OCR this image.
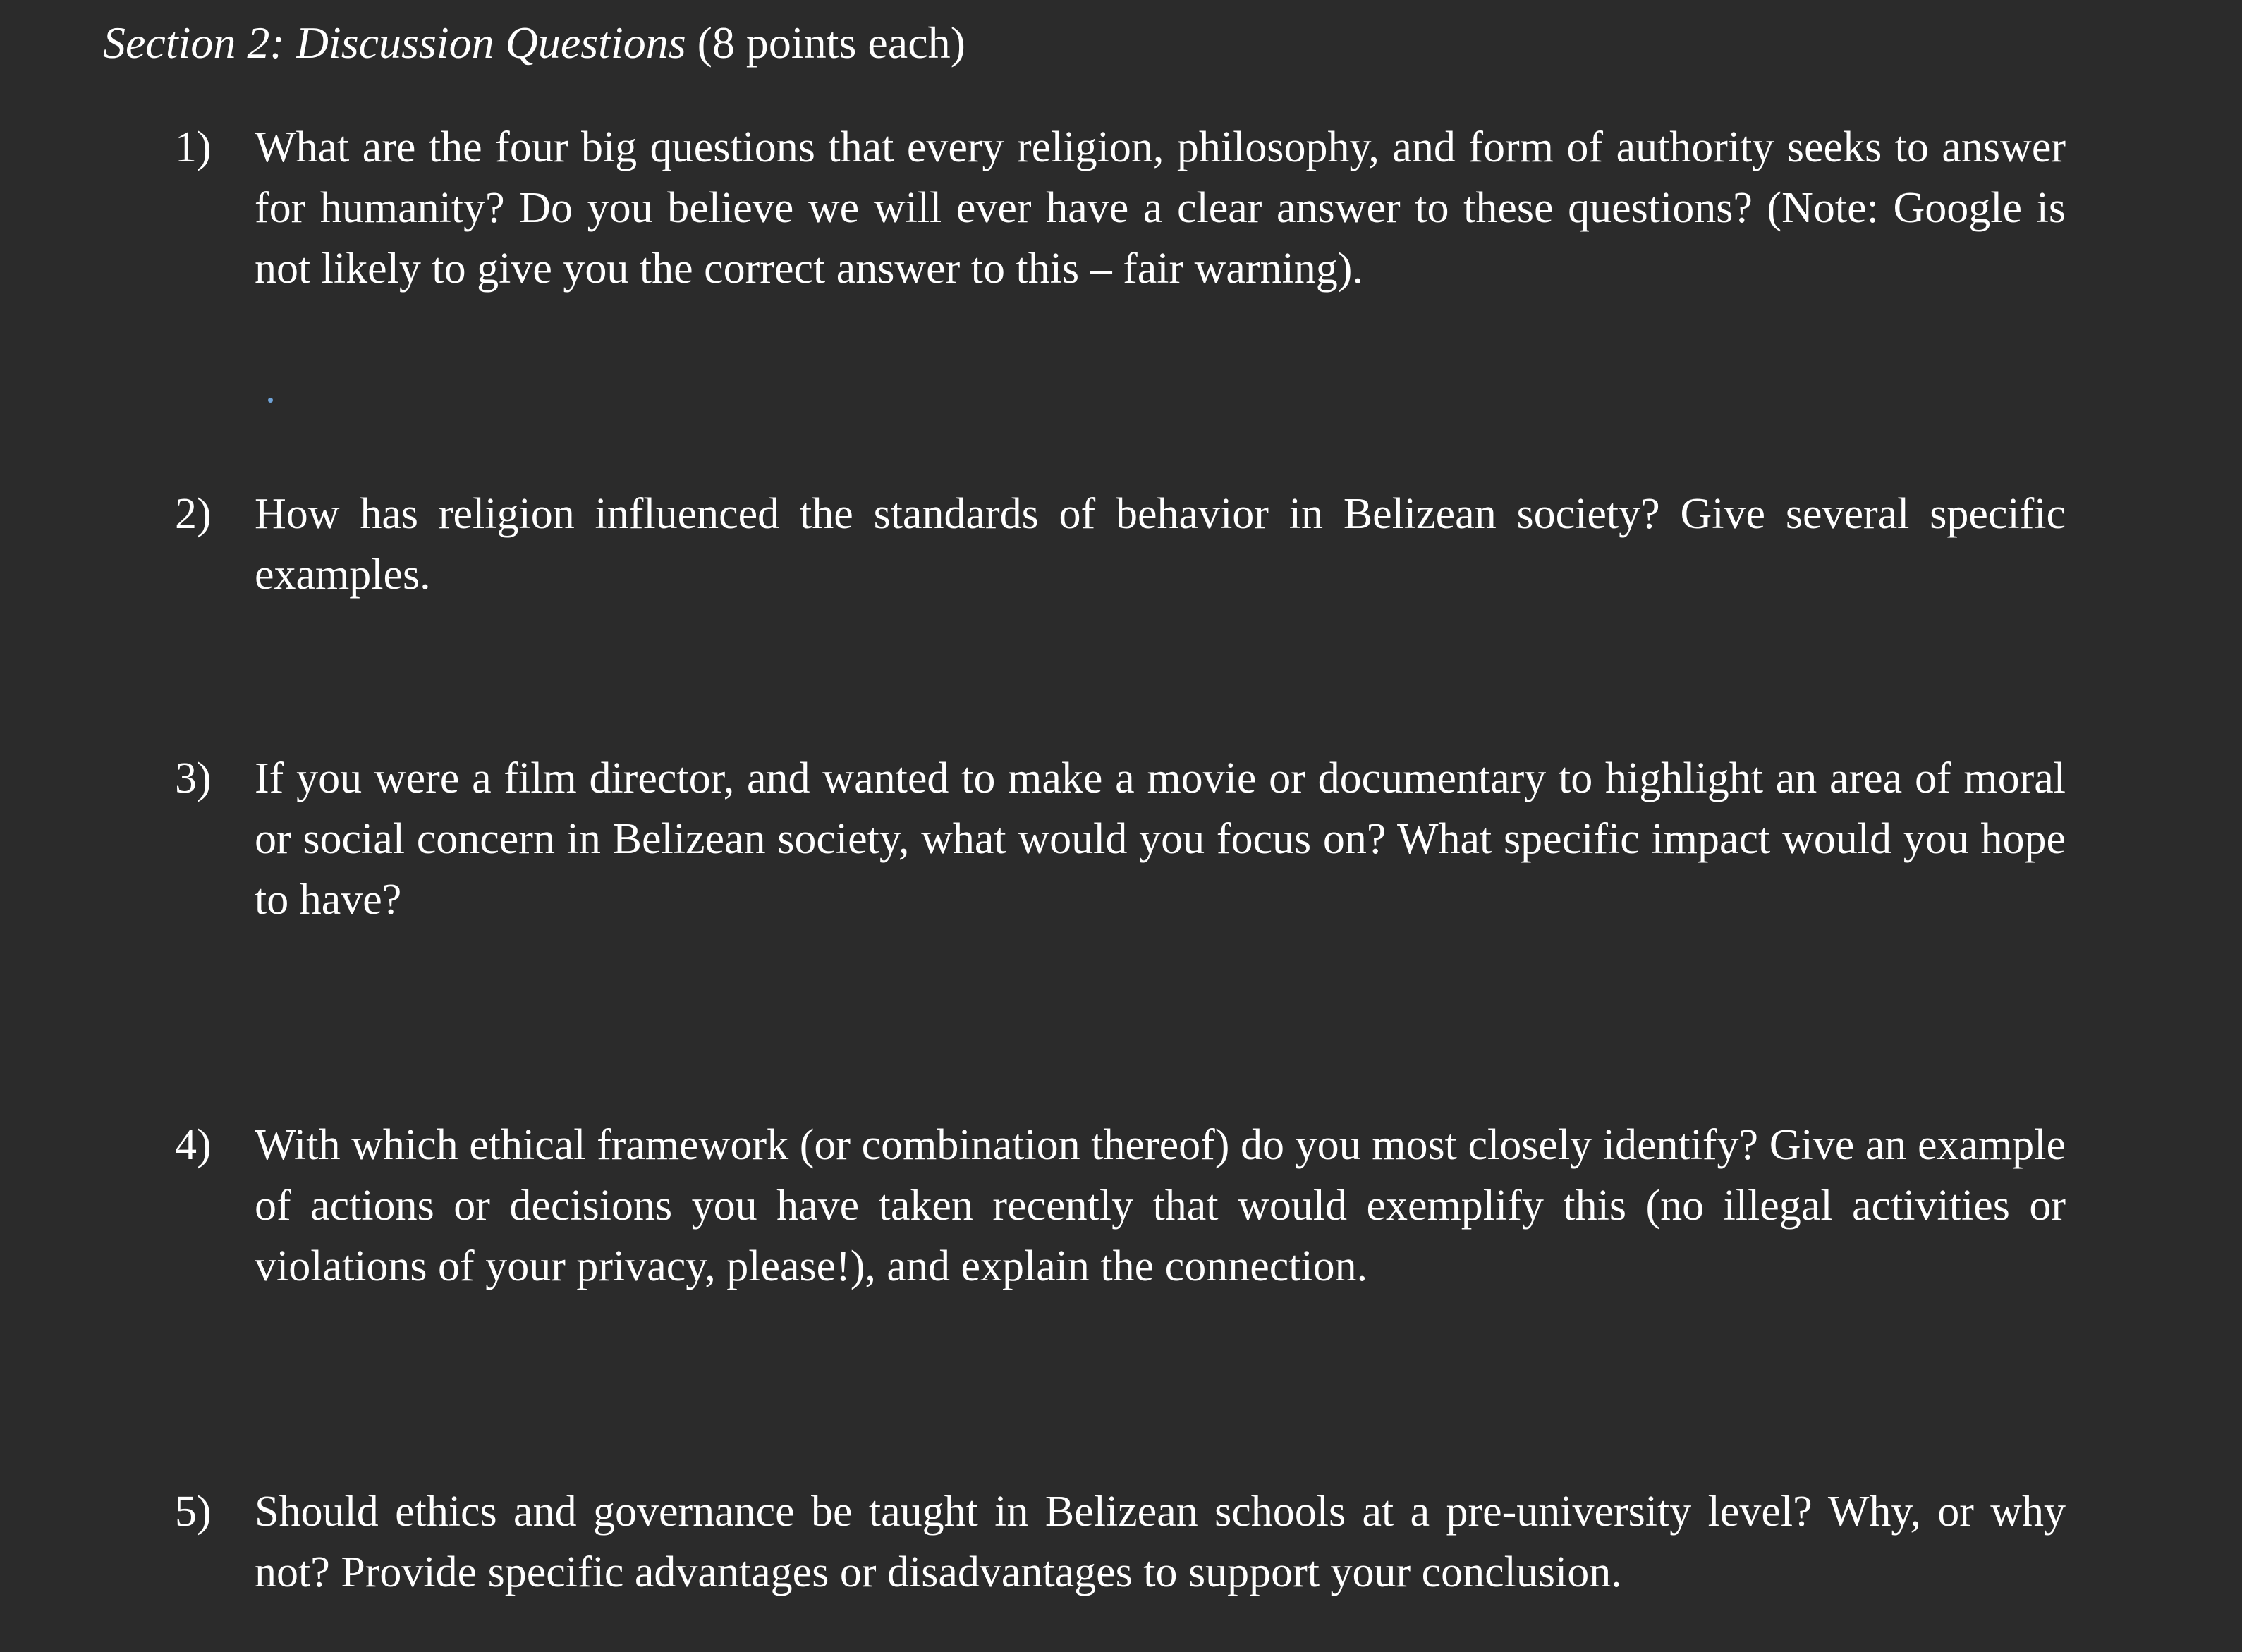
Section 2: Discussion Questions (8 points each)
1) What are the four big questions that every religion, philosophy, and form of authority seeks to answer for humanity? Do you believe we will ever have a clear answer to these questions? (Note: Google is not likely to give you the correct answer to this – fair warning).
2) How has religion influenced the standards of behavior in Belizean society? Give several specific examples.
3) If you were a film director, and wanted to make a movie or documentary to highlight an area of moral or social concern in Belizean society, what would you focus on? What specific impact would you hope to have?
4) With which ethical framework (or combination thereof) do you most closely identify? Give an example of actions or decisions you have taken recently that would exemplify this (no illegal activities or violations of your privacy, please!), and explain the connection.
5) Should ethics and governance be taught in Belizean schools at a pre-university level? Why, or why not? Provide specific advantages or disadvantages to support your conclusion.
